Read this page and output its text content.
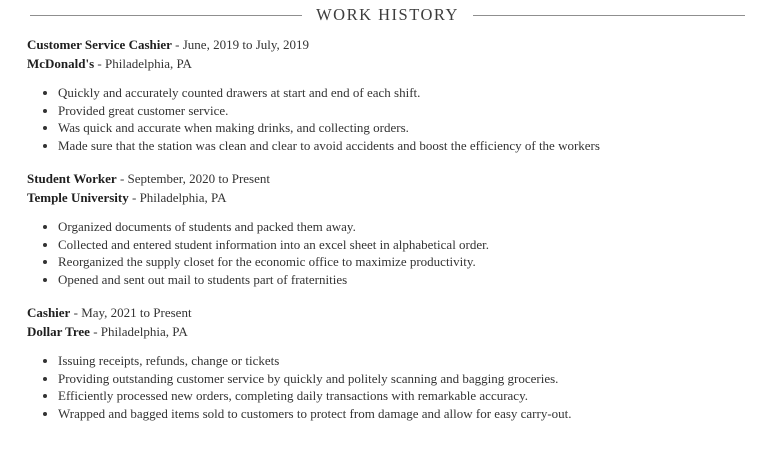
WORK HISTORY
Customer Service Cashier - June, 2019 to July, 2019
McDonald's - Philadelphia, PA
• Quickly and accurately counted drawers at start and end of each shift.
• Provided great customer service.
• Was quick and accurate when making drinks, and collecting orders.
• Made sure that the station was clean and clear to avoid accidents and boost the efficiency of the workers
Student Worker - September, 2020 to Present
Temple University - Philadelphia, PA
• Organized documents of students and packed them away.
• Collected and entered student information into an excel sheet in alphabetical order.
• Reorganized the supply closet for the economic office to maximize productivity.
• Opened and sent out mail to students part of fraternities
Cashier - May, 2021 to Present
Dollar Tree - Philadelphia, PA
• Issuing receipts, refunds, change or tickets
• Providing outstanding customer service by quickly and politely scanning and bagging groceries.
• Efficiently processed new orders, completing daily transactions with remarkable accuracy.
• Wrapped and bagged items sold to customers to protect from damage and allow for easy carry-out.
